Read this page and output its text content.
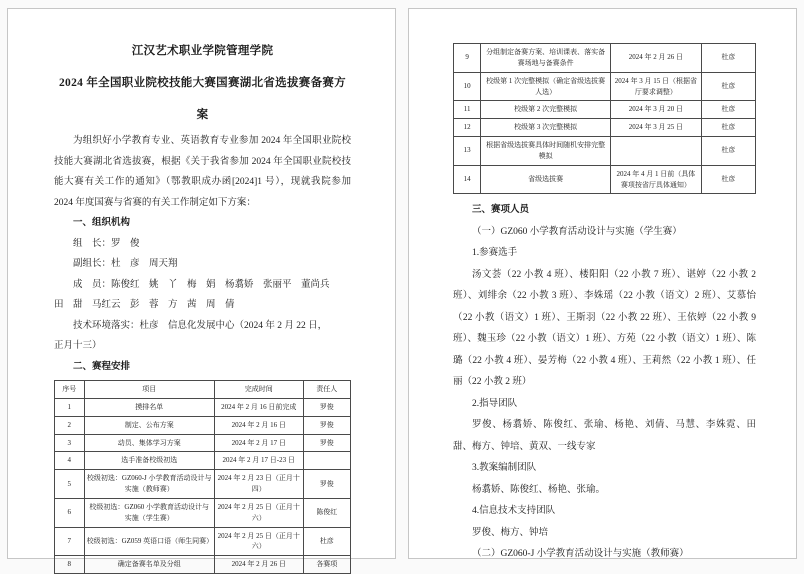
江汉艺术职业学院管理学院

2024 年全国职业院校技能大赛国赛湖北省选拔赛备赛方案

为组织好小学教育专业、英语教育专业参加 2024 年全国职业院校技能大赛湖北省选拔赛，根据《关于我省参加 2024 年全国职业院校技能大赛有关工作的通知》（鄂教职成办函[2024]1 号），现就我院参加 2024 年度国赛与省赛的有关工作制定如下方案：

一、组织机构

组　长：罗　俊

副组长：杜　彦　周天翔

成　员：陈俊红　姚　丫　梅　娟　杨翥娇　张丽平　董尚兵

田　甜　马红云　彭　蓉　方　茜　周　倩

技术环境落实：杜彦　信息化发展中心（2024 年 2 月 22 日，

正月十三）

二、赛程安排

序号	项目	完成时间	责任人
1	摸排名单	2024 年 2 月 16 日前完成	罗俊
2	制定、公布方案	2024 年 2 月 16 日	罗俊
3	动员、集体学习方案	2024 年 2 月 17 日	罗俊
4	选手准备校级初选	2024 年 2 月 17 日-23 日	
5	校级初选：GZ060-J 小学教育活动设计与实施（教师赛）	2024 年 2 月 23 日（正月十四）	罗俊
6	校级初选：GZ060 小学教育活动设计与实施（学生赛）	2024 年 2 月 25 日（正月十六）	陈俊红
7	校级初选：GZ059 英语口语（师生同赛）	2024 年 2 月 25 日（正月十六）	杜彦
8	确定备赛名单及分组	2024 年 2 月 26 日	各赛项
9	分组制定备赛方案、培训课表、落实备赛场地与备赛条件	2024 年 2 月 26 日	杜彦
10	校级第 1 次完整模拟（确定省级选拔赛人选）	2024 年 3 月 15 日（根据省厅要求调整）	杜彦
11	校级第 2 次完整模拟	2024 年 3 月 20 日	杜彦
12	校级第 3 次完整模拟	2024 年 3 月 25 日	杜彦
13	根据省级选拔赛具体时间随机安排完整模拟		杜彦
14	省级选拔赛	2024 年 4 月 1 日前（具体赛项按省厅具体通知）	杜彦

三、赛项人员

（一）GZ060 小学教育活动设计与实施（学生赛）

1.参赛选手

汤文荟（22 小教 4 班）、楼阳阳（22 小教 7 班）、谌婷（22 小教 2 班）、刘绯余（22 小教 3 班）、李姝瑶（22 小教（语文）2 班）、艾慕怡（22 小教（语文）1 班）、王斯羽（22 小教 22 班）、王依婷（22 小教 9 班）、魏玉珍（22 小教（语文）1 班）、方苑（22 小教（语文）1 班）、陈璐（22 小教 4 班）、晏芳梅（22 小教 4 班）、王莉然（22 小教 1 班）、任丽（22 小教 2 班）

2.指导团队

罗俊、杨翥娇、陈俊红、张瑜、杨艳、刘倩、马慧、李姝霓、田甜、梅方、钟培、黄双、一线专家

3.教案编制团队

杨翥娇、陈俊红、杨艳、张瑜。

4.信息技术支持团队

罗俊、梅方、钟培

（二）GZ060-J 小学教育活动设计与实施（教师赛）
